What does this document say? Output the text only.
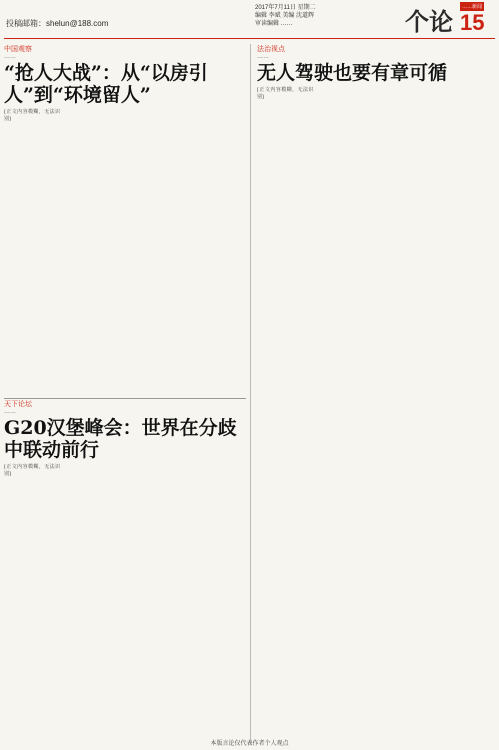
投稿邮箱：shelun@188.com
2017年7月11日 星期二
编辑 李斌 美编 沈道辉
审读编辑 ……	个论
……新闻
15
中国观察
……
“抢人大战”：从“以房引人”到“环境留人”
[正文内容模糊，无法识别]
法治视点
……
无人驾驶也要有章可循
[正文内容模糊，无法识别]
天下论坛
……
G20汉堡峰会：世界在分歧中联动前行
[正文内容模糊，无法识别]
本版言论仅代表作者个人观点
